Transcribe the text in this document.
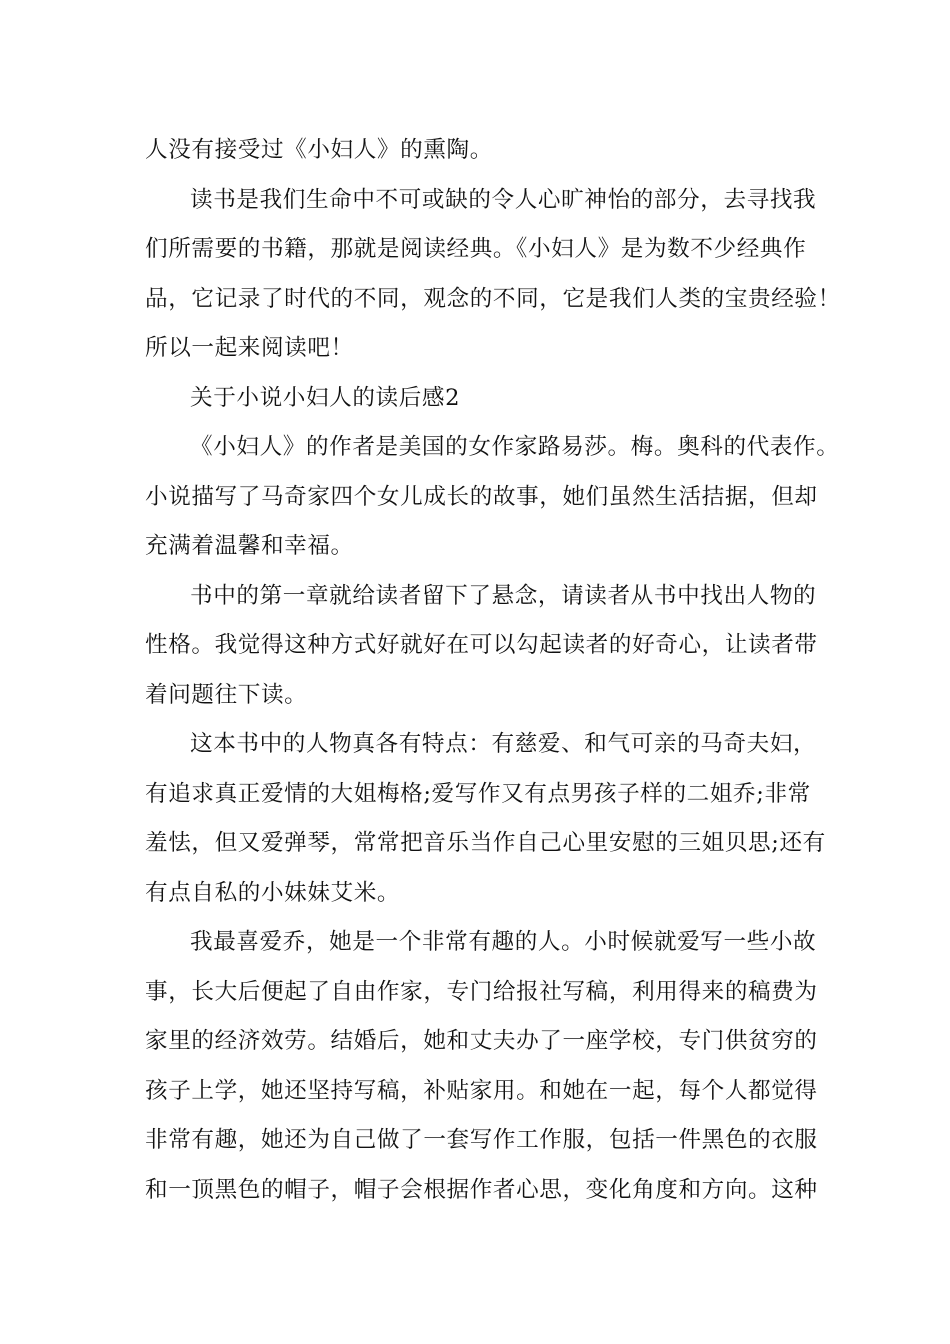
人没有接受过《小妇人》的熏陶。
读书是我们生命中不可或缺的令人心旷神怡的部分，去寻找我
们所需要的书籍，那就是阅读经典。《小妇人》是为数不少经典作
品，它记录了时代的不同，观念的不同，它是我们人类的宝贵经验！
所以一起来阅读吧！
关于小说小妇人的读后感2
《小妇人》的作者是美国的女作家路易莎。梅。奥科的代表作。
小说描写了马奇家四个女儿成长的故事，她们虽然生活拮据，但却
充满着温馨和幸福。
书中的第一章就给读者留下了悬念，请读者从书中找出人物的
性格。我觉得这种方式好就好在可以勾起读者的好奇心，让读者带
着问题往下读。
这本书中的人物真各有特点：有慈爱、和气可亲的马奇夫妇，
有追求真正爱情的大姐梅格;爱写作又有点男孩子样的二姐乔;非常
羞怯，但又爱弹琴，常常把音乐当作自己心里安慰的三姐贝思;还有
有点自私的小妹妹艾米。
我最喜爱乔，她是一个非常有趣的人。小时候就爱写一些小故
事，长大后便起了自由作家，专门给报社写稿，利用得来的稿费为
家里的经济效劳。结婚后，她和丈夫办了一座学校，专门供贫穷的
孩子上学，她还坚持写稿，补贴家用。和她在一起，每个人都觉得
非常有趣，她还为自己做了一套写作工作服，包括一件黑色的衣服
和一顶黑色的帽子，帽子会根据作者心思，变化角度和方向。这种
